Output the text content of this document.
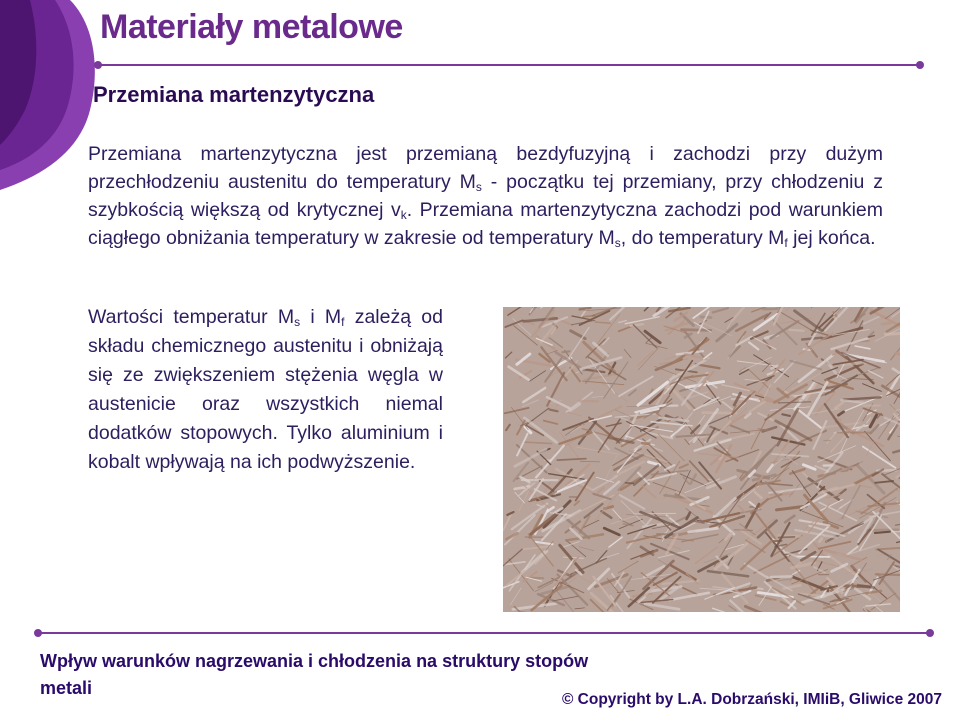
Materiały metalowe
Przemiana martenzytyczna
Przemiana martenzytyczna jest przemianą bezdyfuzyjną i zachodzi przy dużym przechłodzeniu austenitu do temperatury $M_s$ - początku tej przemiany, przy chłodzeniu z szybkością większą od krytycznej $v_k$. Przemiana martenzytyczna zachodzi pod warunkiem ciągłego obniżania temperatury w zakresie od temperatury $M_s$, do temperatury $M_f$ jej końca.
Wartości temperatur $M_s$ i $M_f$ zależą od składu chemicznego austenitu i obniżają się ze zwiększeniem stężenia węgla w austenicie oraz wszystkich niemal dodatków stopowych. Tylko aluminium i kobalt wpływają na ich podwyższenie.
Wpływ warunków nagrzewania i chłodzenia na struktury stopów metali
© Copyright by L.A. Dobrzański, IMIiB, Gliwice 2007
